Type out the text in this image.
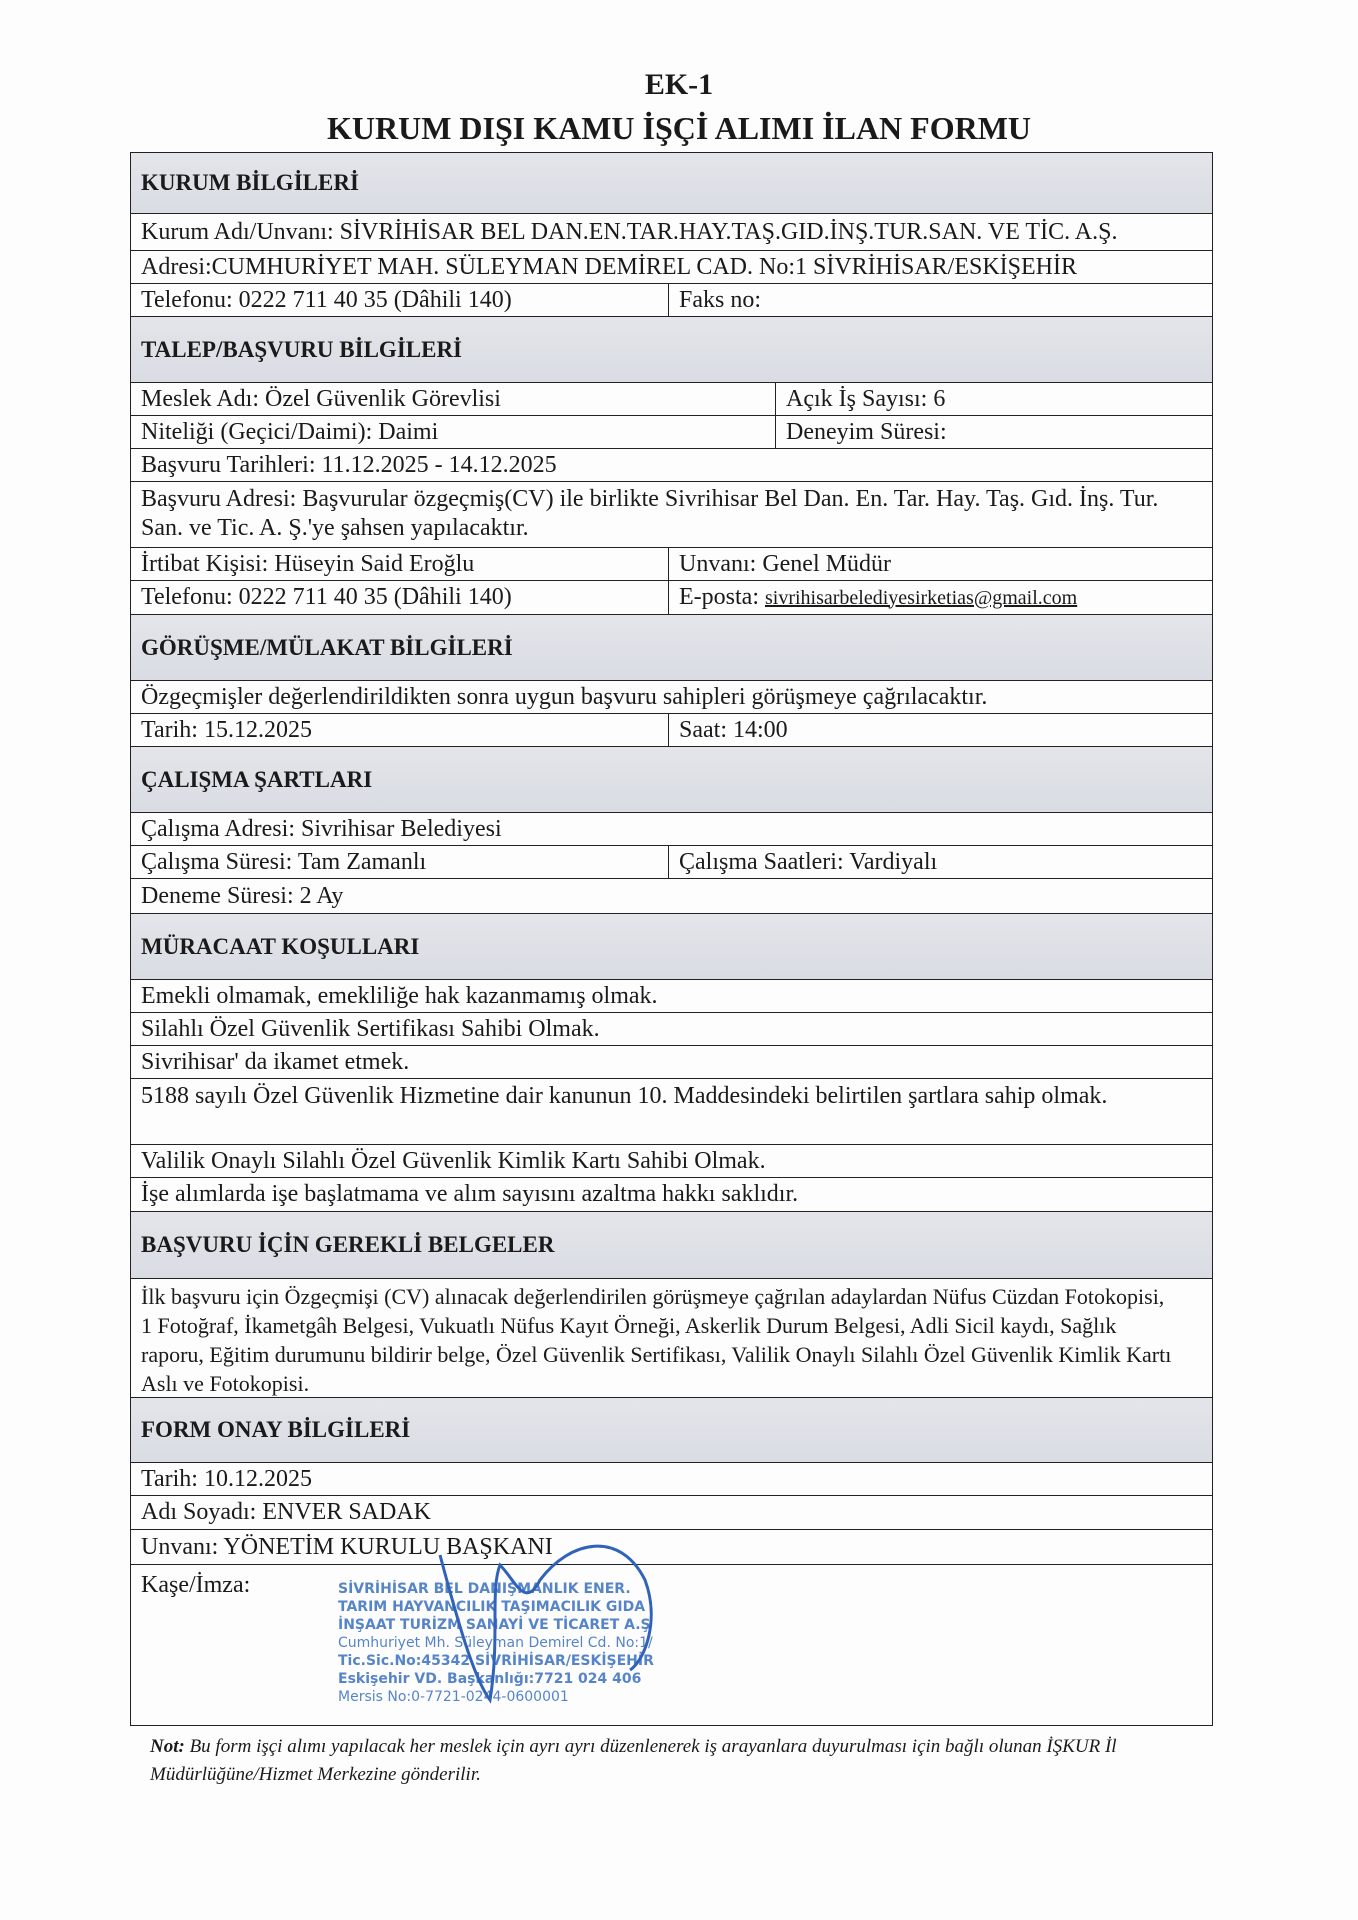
EK-1
KURUM DIŞI KAMU İŞÇİ ALIMI İLAN FORMU
KURUM BİLGİLERİ
Kurum Adı/Unvanı: SİVRİHİSAR BEL DAN.EN.TAR.HAY.TAŞ.GID.İNŞ.TUR.SAN. VE TİC. A.Ş.
Adresi:CUMHURİYET MAH. SÜLEYMAN DEMİREL CAD. No:1 SİVRİHİSAR/ESKİŞEHİR
Telefonu: 0222 711 40 35 (Dâhili 140)	Faks no:
TALEP/BAŞVURU BİLGİLERİ
Meslek Adı: Özel Güvenlik Görevlisi	Açık İş Sayısı: 6
Niteliği (Geçici/Daimi): Daimi	Deneyim Süresi:
Başvuru Tarihleri: 11.12.2025 - 14.12.2025
Başvuru Adresi: Başvurular özgeçmiş(CV) ile birlikte Sivrihisar Bel Dan. En. Tar. Hay. Taş. Gıd. İnş. Tur. San. ve Tic. A. Ş.'ye şahsen yapılacaktır.
İrtibat Kişisi: Hüseyin Said Eroğlu	Unvanı: Genel Müdür
Telefonu: 0222 711 40 35 (Dâhili 140)	E-posta: sivrihisarbelediyesirketias@gmail.com
GÖRÜŞME/MÜLAKAT BİLGİLERİ
Özgeçmişler değerlendirildikten sonra uygun başvuru sahipleri görüşmeye çağrılacaktır.
Tarih: 15.12.2025	Saat: 14:00
ÇALIŞMA ŞARTLARI
Çalışma Adresi: Sivrihisar Belediyesi
Çalışma Süresi: Tam Zamanlı	Çalışma Saatleri: Vardiyalı
Deneme Süresi: 2 Ay
MÜRACAAT KOŞULLARI
Emekli olmamak, emekliliğe hak kazanmamış olmak.
Silahlı Özel Güvenlik Sertifikası Sahibi Olmak.
Sivrihisar' da ikamet etmek.
5188 sayılı Özel Güvenlik Hizmetine dair kanunun 10. Maddesindeki belirtilen şartlara sahip olmak.
Valilik Onaylı Silahlı Özel Güvenlik Kimlik Kartı Sahibi Olmak.
İşe alımlarda işe başlatmama ve alım sayısını azaltma hakkı saklıdır.
BAŞVURU İÇİN GEREKLİ BELGELER
İlk başvuru için Özgeçmişi (CV) alınacak değerlendirilen görüşmeye çağrılan adaylardan Nüfus Cüzdan Fotokopisi, 1 Fotoğraf, İkametgâh Belgesi, Vukuatlı Nüfus Kayıt Örneği, Askerlik Durum Belgesi, Adli Sicil kaydı, Sağlık raporu, Eğitim durumunu bildirir belge, Özel Güvenlik Sertifikası, Valilik Onaylı Silahlı Özel Güvenlik Kimlik Kartı Aslı ve Fotokopisi.
FORM ONAY BİLGİLERİ
Tarih: 10.12.2025
Adı Soyadı: ENVER SADAK
Unvanı: YÖNETİM KURULU BAŞKANI
Kaşe/İmza:	SİVRİHİSAR BEL DANIŞMANLIK ENER.
TARIM HAYVANCILIK TAŞIMACILIK GIDA
İNŞAAT TURİZM SANAYİ VE TİCARET A.Ş
Cumhuriyet Mh. Süleyman Demirel Cd. No:1/
Tic.Sic.No:45342 SİVRİHİSAR/ESKİŞEHİR
Eskişehir VD. Başkanlığı:7721 024 406
Mersis No:0-7721-0244-0600001
Not: Bu form işçi alımı yapılacak her meslek için ayrı ayrı düzenlenerek iş arayanlara duyurulması için bağlı olunan İŞKUR İl Müdürlüğüne/Hizmet Merkezine gönderilir.
